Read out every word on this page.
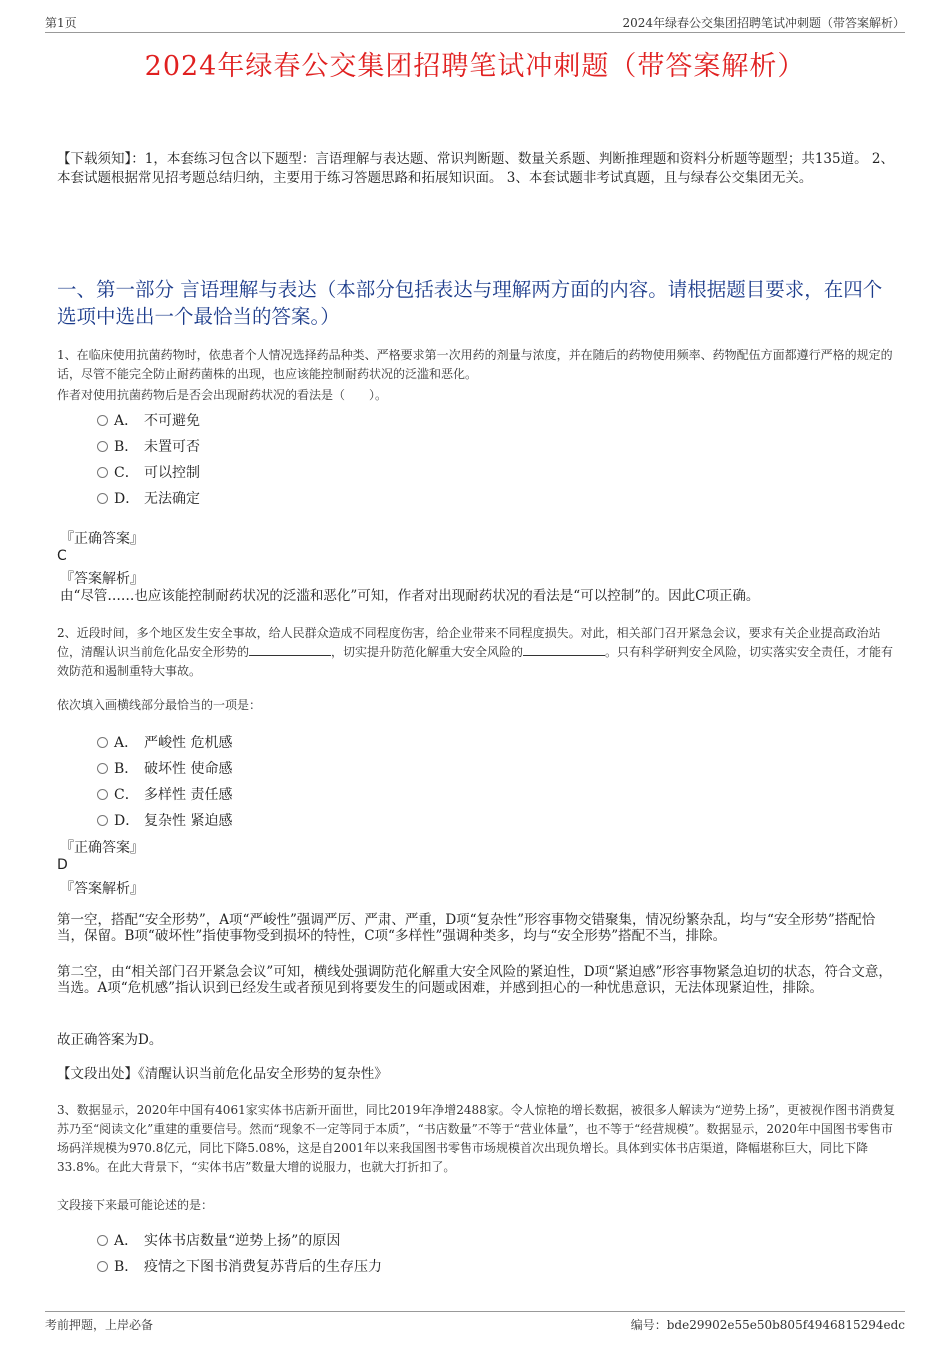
第1页	2024年绿春公交集团招聘笔试冲刺题（带答案解析）
2024年绿春公交集团招聘笔试冲刺题（带答案解析）
【下载须知】：1，本套练习包含以下题型：言语理解与表达题、常识判断题、数量关系题、判断推理题和资料分析题等题型；共135道。 2、本套试题根据常见招考题总结归纳，主要用于练习答题思路和拓展知识面。 3、本套试题非考试真题，且与绿春公交集团无关。
一、第一部分 言语理解与表达（本部分包括表达与理解两方面的内容。请根据题目要求，在四个选项中选出一个最恰当的答案。）
1、在临床使用抗菌药物时，依患者个人情况选择药品种类、严格要求第一次用药的剂量与浓度，并在随后的药物使用频率、药物配伍方面都遵行严格的规定的话，尽管不能完全防止耐药菌株的出现，也应该能控制耐药状况的泛滥和恶化。
作者对使用抗菌药物后是否会出现耐药状况的看法是（　　）。
A． 不可避免
B． 未置可否
C． 可以控制
D． 无法确定
『正确答案』
C
『答案解析』
由“尽管……也应该能控制耐药状况的泛滥和恶化”可知，作者对出现耐药状况的看法是“可以控制”的。因此C项正确。
2、近段时间，多个地区发生安全事故，给人民群众造成不同程度伤害，给企业带来不同程度损失。对此，相关部门召开紧急会议，要求有关企业提高政治站位，清醒认识当前危化品安全形势的	，切实提升防范化解重大安全风险的	。只有科学研判安全风险，切实落实安全责任，才能有效防范和遏制重特大事故。
依次填入画横线部分最恰当的一项是：
A． 严峻性 危机感
B． 破坏性 使命感
C． 多样性 责任感
D． 复杂性 紧迫感
『正确答案』
D
『答案解析』
第一空，搭配“安全形势”，A项“严峻性”强调严厉、严肃、严重，D项“复杂性”形容事物交错聚集，情况纷繁杂乱，均与“安全形势”搭配恰当，保留。B项“破坏性”指使事物受到损坏的特性，C项“多样性”强调种类多，均与“安全形势”搭配不当，排除。
第二空，由“相关部门召开紧急会议”可知，横线处强调防范化解重大安全风险的紧迫性，D项“紧迫感”形容事物紧急迫切的状态，符合文意，当选。A项“危机感”指认识到已经发生或者预见到将要发生的问题或困难，并感到担心的一种忧患意识，无法体现紧迫性，排除。
故正确答案为D。
【文段出处】《清醒认识当前危化品安全形势的复杂性》
3、数据显示，2020年中国有4061家实体书店新开面世，同比2019年净增2488家。令人惊艳的增长数据，被很多人解读为“逆势上扬”，更被视作图书消费复苏乃至“阅读文化”重建的重要信号。然而“现象不一定等同于本质”，“书店数量”不等于“营业体量”，也不等于“经营规模”。数据显示，2020年中国图书零售市场码洋规模为970.8亿元，同比下降5.08%，这是自2001年以来我国图书零售市场规模首次出现负增长。具体到实体书店渠道，降幅堪称巨大，同比下降33.8%。在此大背景下，“实体书店”数量大增的说服力，也就大打折扣了。
文段接下来最可能论述的是：
A． 实体书店数量“逆势上扬”的原因
B． 疫情之下图书消费复苏背后的生存压力
考前押题，上岸必备	编号：bde29902e55e50b805f4946815294edc
